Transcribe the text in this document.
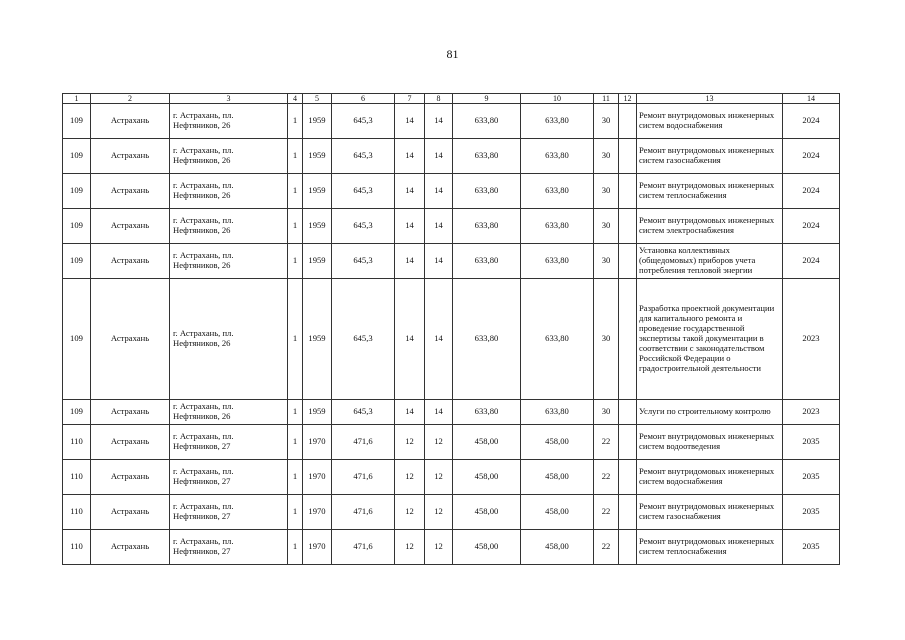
81
1	2	3	4	5	6	7	8	9	10	11	12	13	14
109	Астрахань	г. Астрахань, пл.
Нефтяников, 26	1	1959	645,3	14	14	633,80	633,80	30		Ремонт внутридомовых инженерных систем водоснабжения	2024
109	Астрахань	г. Астрахань, пл.
Нефтяников, 26	1	1959	645,3	14	14	633,80	633,80	30		Ремонт внутридомовых инженерных систем газоснабжения	2024
109	Астрахань	г. Астрахань, пл.
Нефтяников, 26	1	1959	645,3	14	14	633,80	633,80	30		Ремонт внутридомовых инженерных систем теплоснабжения	2024
109	Астрахань	г. Астрахань, пл.
Нефтяников, 26	1	1959	645,3	14	14	633,80	633,80	30		Ремонт внутридомовых инженерных систем электроснабжения	2024
109	Астрахань	г. Астрахань, пл.
Нефтяников, 26	1	1959	645,3	14	14	633,80	633,80	30		Установка коллективных (общедомовых) приборов учета потребления тепловой энергии	2024
109	Астрахань	г. Астрахань, пл.
Нефтяников, 26	1	1959	645,3	14	14	633,80	633,80	30		Разработка проектной документации для капитального ремонта и проведение государственной экспертизы такой документации в соответствии с законодательством Российской Федерации о градостроительной деятельности	2023
109	Астрахань	г. Астрахань, пл.
Нефтяников, 26	1	1959	645,3	14	14	633,80	633,80	30		Услуги по строительному контролю	2023
110	Астрахань	г. Астрахань, пл.
Нефтяников, 27	1	1970	471,6	12	12	458,00	458,00	22		Ремонт внутридомовых инженерных систем водоотведения	2035
110	Астрахань	г. Астрахань, пл.
Нефтяников, 27	1	1970	471,6	12	12	458,00	458,00	22		Ремонт внутридомовых инженерных систем водоснабжения	2035
110	Астрахань	г. Астрахань, пл.
Нефтяников, 27	1	1970	471,6	12	12	458,00	458,00	22		Ремонт внутридомовых инженерных систем газоснабжения	2035
110	Астрахань	г. Астрахань, пл.
Нефтяников, 27	1	1970	471,6	12	12	458,00	458,00	22		Ремонт внутридомовых инженерных систем теплоснабжения	2035
